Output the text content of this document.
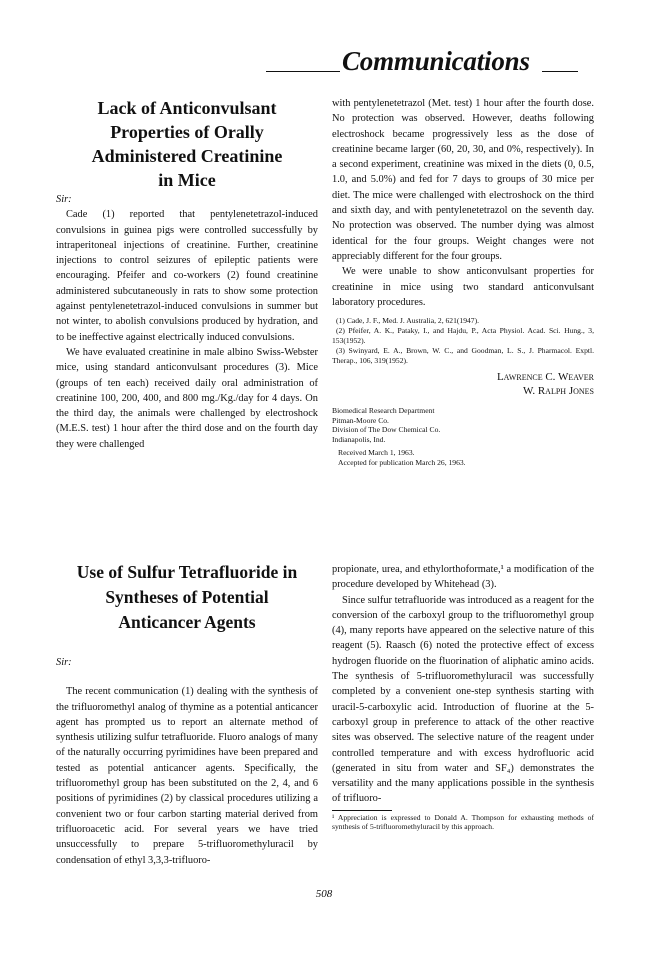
Communications

Lack of Anticonvulsant

Properties of Orally

Administered Creatinine

in Mice

Sir:

Cade (1) reported that pentylenetetrazol-induced convulsions in guinea pigs were controlled successfully by intraperitoneal injections of creatinine. Further, creatinine injections to control seizures of epileptic patients were encouraging. Pfeifer and co-workers (2) found creatinine administered subcutaneously in rats to show some protection against pentylenetetrazol-induced convulsions in summer but not winter, to abolish convulsions produced by hydration, and to be ineffective against electrically induced convulsions.

We have evaluated creatinine in male albino Swiss-Webster mice, using standard anticonvulsant procedures (3). Mice (groups of ten each) received daily oral administration of creatinine 100, 200, 400, and 800 mg./Kg./day for 4 days. On the third day, the animals were challenged by electroshock (M.E.S. test) 1 hour after the third dose and on the fourth day they were challenged

with pentylenetetrazol (Met. test) 1 hour after the fourth dose. No protection was observed. However, deaths following electroshock became progressively less as the dose of creatinine became larger (60, 20, 30, and 0%, respectively). In a second experiment, creatinine was mixed in the diets (0, 0.5, 1.0, and 5.0%) and fed for 7 days to groups of 30 mice per diet. The mice were challenged with electroshock on the third and sixth day, and with pentylenetetrazol on the seventh day. No protection was observed. The number dying was almost identical for the four groups. Weight changes were not appreciably different for the four groups.

We were unable to show anticonvulsant properties for creatinine in mice using two standard anticonvulsant laboratory procedures.

(1) Cade, J. F., Med. J. Australia, 2, 621(1947).

(2) Pfeifer, A. K., Pataky, I., and Hajdu, P., Acta Physiol. Acad. Sci. Hung., 3, 153(1952).

(3) Swinyard, E. A., Brown, W. C., and Goodman, L. S., J. Pharmacol. Exptl. Therap., 106, 319(1952).

Lawrence C. Weaver
W. Ralph Jones
Biomedical Research Department
Pitman-Moore Co.
Division of The Dow Chemical Co.
Indianapolis, Ind.
Received March 1, 1963.
Accepted for publication March 26, 1963.

Use of Sulfur Tetrafluoride in

Syntheses of Potential

Anticancer Agents

Sir:

The recent communication (1) dealing with the synthesis of the trifluoromethyl analog of thymine as a potential anticancer agent has prompted us to report an alternate method of synthesis utilizing sulfur tetrafluoride. Fluoro analogs of many of the naturally occurring pyrimidines have been prepared and tested as potential anticancer agents. Specifically, the trifluoromethyl group has been substituted on the 2, 4, and 6 positions of pyrimidines (2) by classical procedures utilizing a convenient two or four carbon starting material derived from trifluoroacetic acid. For several years we have tried unsuccessfully to prepare 5-trifluoromethyluracil by condensation of ethyl 3,3,3-trifluoro-

propionate, urea, and ethylorthoformate,¹ a modification of the procedure developed by Whitehead (3).

Since sulfur tetrafluoride was introduced as a reagent for the conversion of the carboxyl group to the trifluoromethyl group (4), many reports have appeared on the selective nature of this reagent (5). Raasch (6) noted the protective effect of excess hydrogen fluoride on the fluorination of aliphatic amino acids. The synthesis of 5-trifluoromethyluracil was successfully completed by a convenient one-step synthesis starting with uracil-5-carboxylic acid. Introduction of fluorine at the 5-carboxyl group in preference to attack of the other reactive sites was observed. The selective nature of the reagent under controlled temperature and with excess hydrofluoric acid (generated in situ from water and SF₄) demonstrates the versatility and the many applications possible in the synthesis of trifluoro-

¹ Appreciation is expressed to Donald A. Thompson for exhausting methods of synthesis of 5-trifluoromethyluracil by this approach.
508
